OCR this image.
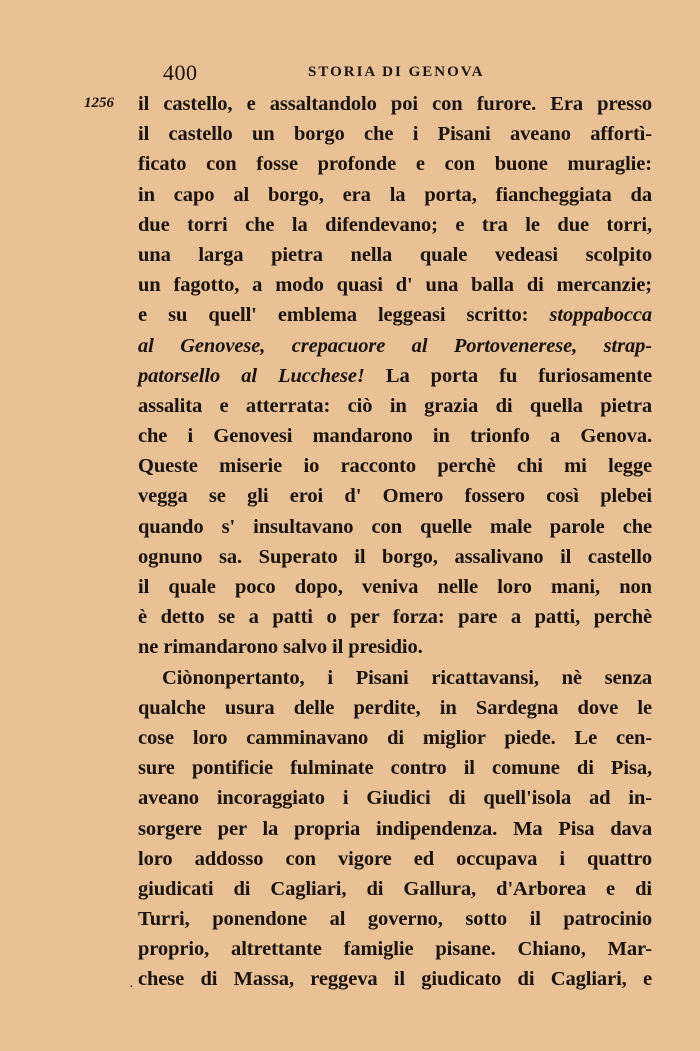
400	STORIA DI GENOVA
1256
·
il castello, e assaltandolo poi con furore. Era presso
il castello un borgo che i Pisani aveano affortì-
ficato con fosse profonde e con buone muraglie:
in capo al borgo, era la porta, fiancheggiata da
due torri che la difendevano; e tra le due torri,
una larga pietra nella quale vedeasi scolpito
un fagotto, a modo quasi d' una balla di mercanzie;
e su quell' emblema leggeasi scritto: stoppabocca
al Genovese, crepacuore al Portovenerese, strap-
patorsello al Lucchese! La porta fu furiosamente
assalita e atterrata: ciò in grazia di quella pietra
che i Genovesi mandarono in trionfo a Genova.
Queste miserie io racconto perchè chi mi legge
vegga se gli eroi d' Omero fossero così plebei
quando s' insultavano con quelle male parole che
ognuno sa. Superato il borgo, assalivano il castello
il quale poco dopo, veniva nelle loro mani, non
è detto se a patti o per forza: pare a patti, perchè
ne rimandarono salvo il presidio.
Ciònonpertanto, i Pisani ricattavansi, nè senza
qualche usura delle perdite, in Sardegna dove le
cose loro camminavano di miglior piede. Le cen-
sure pontificie fulminate contro il comune di Pisa,
aveano incoraggiato i Giudici di quell'isola ad in-
sorgere per la propria indipendenza. Ma Pisa dava
loro addosso con vigore ed occupava i quattro
giudicati di Cagliari, di Gallura, d'Arborea e di
Turri, ponendone al governo, sotto il patrocinio
proprio, altrettante famiglie pisane. Chiano, Mar-
chese di Massa, reggeva il giudicato di Cagliari, e
